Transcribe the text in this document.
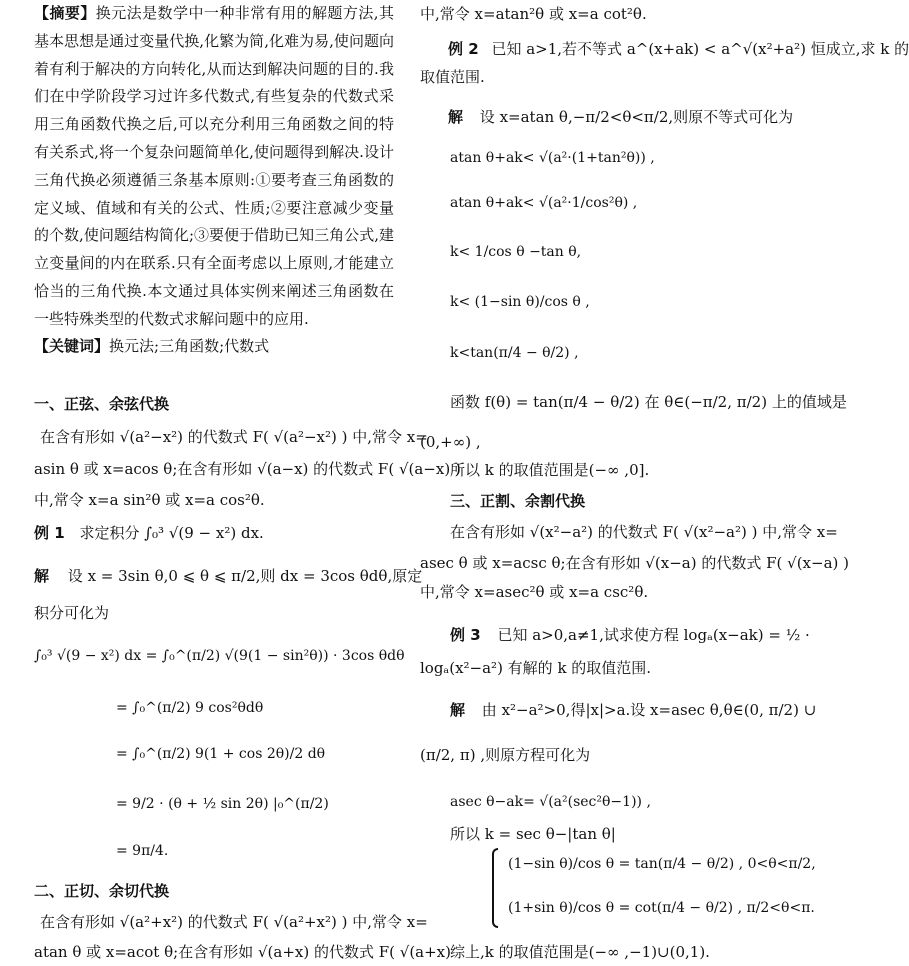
【摘要】换元法是数学中一种非常有用的解题方法,其基本思想是通过变量代换,化繁为简,化难为易,使问题向着有利于解决的方向转化,从而达到解决问题的目的.我们在中学阶段学习过许多代数式,有些复杂的代数式采用三角函数代换之后,可以充分利用三角函数之间的特有关系式,将一个复杂问题简单化,使问题得到解决.设计三角代换必须遵循三条基本原则:①要考查三角函数的定义域、值域和有关的公式、性质;②要注意减少变量的个数,使问题结构简化;③要便于借助已知三角公式,建立变量间的内在联系.只有全面考虑以上原则,才能建立恰当的三角代换.本文通过具体实例来阐述三角函数在一些特殊类型的代数式求解问题中的应用.
【关键词】换元法;三角函数;代数式
一、正弦、余弦代换
在含有形如 √(a²−x²) 的代数式 F( √(a²−x²) ) 中,常令 x=
asin θ 或 x=acos θ;在含有形如 √(a−x) 的代数式 F( √(a−x) )
中,常令 x=a sin²θ 或 x=a cos²θ.
例 1 求定积分 ∫₀³ √(9 − x²) dx.
解 设 x = 3sin θ,0 ⩽ θ ⩽ π/2,则 dx = 3cos θdθ,原定
积分可化为
∫₀³ √(9 − x²) dx = ∫₀^(π/2) √(9(1 − sin²θ)) · 3cos θdθ
= ∫₀^(π/2) 9 cos²θdθ
= ∫₀^(π/2) 9(1 + cos 2θ)/2 dθ
= 9/2 · (θ + ½ sin 2θ) |₀^(π/2)
= 9π/4.
二、正切、余切代换
在含有形如 √(a²+x²) 的代数式 F( √(a²+x²) ) 中,常令 x=
atan θ 或 x=acot θ;在含有形如 √(a+x) 的代数式 F( √(a+x)
中,常令 x=atan²θ 或 x=a cot²θ.
例 2 已知 a>1,若不等式 a^(x+ak) < a^√(x²+a²) 恒成立,求 k 的
取值范围.
解 设 x=atan θ,−π/2<θ<π/2,则原不等式可化为
atan θ+ak< √(a²·(1+tan²θ)) ,
atan θ+ak< √(a²·1/cos²θ) ,
k< 1/cos θ −tan θ,
k< (1−sin θ)/cos θ ,
k<tan(π/4 − θ/2) ,
函数 f(θ) = tan(π/4 − θ/2) 在 θ∈(−π/2, π/2) 上的值域是
(0,+∞) ,
所以 k 的取值范围是(−∞ ,0].
三、正割、余割代换
在含有形如 √(x²−a²) 的代数式 F( √(x²−a²) ) 中,常令 x=
asec θ 或 x=acsc θ;在含有形如 √(x−a) 的代数式 F( √(x−a) )
中,常令 x=asec²θ 或 x=a csc²θ.
例 3 已知 a>0,a≠1,试求使方程 logₐ(x−ak) = ½ ·
logₐ(x²−a²) 有解的 k 的取值范围.
解 由 x²−a²>0,得|x|>a.设 x=asec θ,θ∈(0, π/2) ∪
(π/2, π) ,则原方程可化为
asec θ−ak= √(a²(sec²θ−1)) ,
所以 k = sec θ−|tan θ|
(1−sin θ)/cos θ = tan(π/4 − θ/2) , 0<θ<π/2,
(1+sin θ)/cos θ = cot(π/4 − θ/2) , π/2<θ<π.
综上,k 的取值范围是(−∞ ,−1)∪(0,1).
